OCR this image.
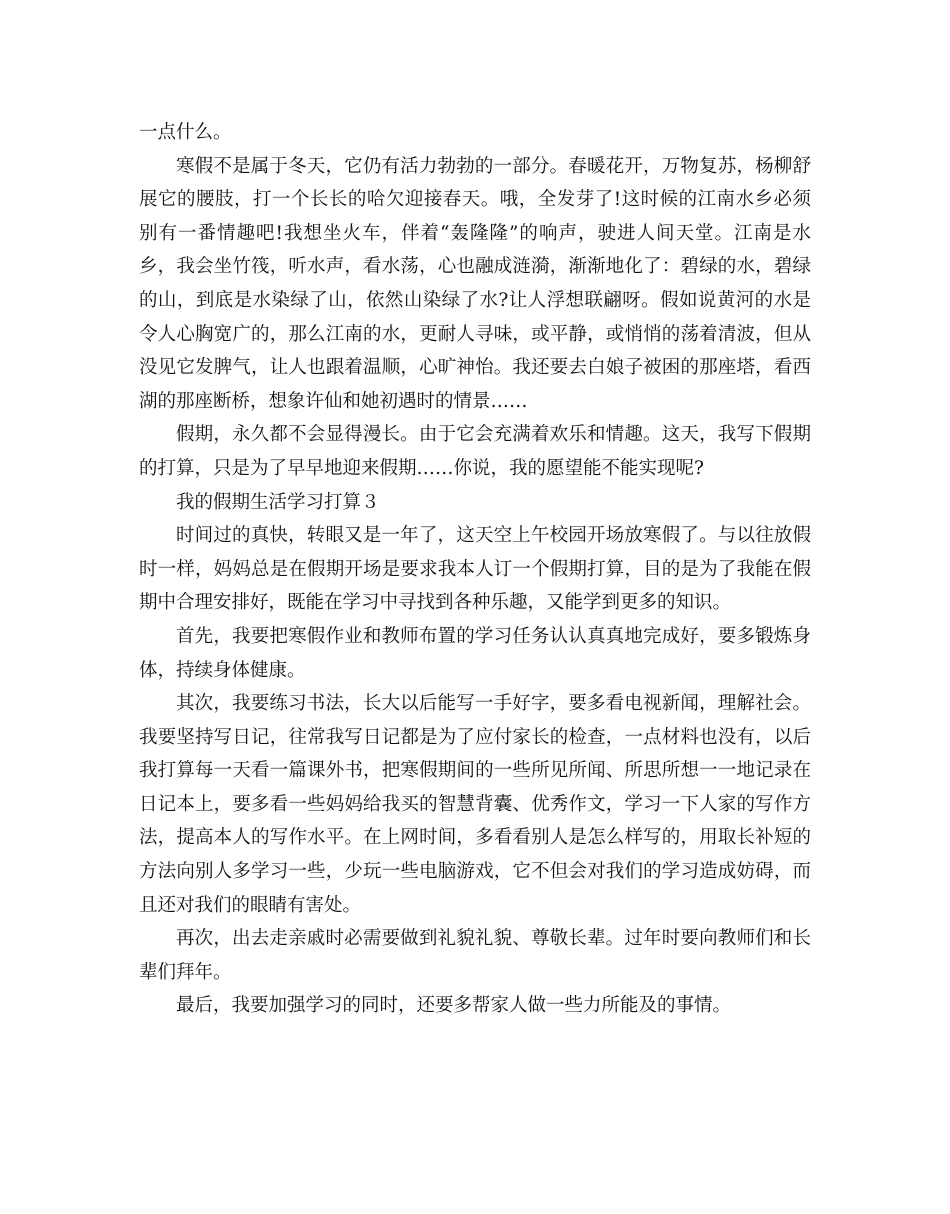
一点什么。

寒假不是属于冬天，它仍有活力勃勃的一部分。春暖花开，万物复苏，杨柳舒展它的腰肢，打一个长长的哈欠迎接春天。哦，全发芽了!这时候的江南水乡必须别有一番情趣吧!我想坐火车，伴着“轰隆隆”的响声，驶进人间天堂。江南是水乡，我会坐竹筏，听水声，看水荡，心也融成涟漪，渐渐地化了：碧绿的水，碧绿的山，到底是水染绿了山，依然山染绿了水?让人浮想联翩呀。假如说黄河的水是令人心胸宽广的，那么江南的水，更耐人寻味，或平静，或悄悄的荡着清波，但从没见它发脾气，让人也跟着温顺，心旷神怡。我还要去白娘子被困的那座塔，看西湖的那座断桥，想象许仙和她初遇时的情景……

假期，永久都不会显得漫长。由于它会充满着欢乐和情趣。这天，我写下假期的打算，只是为了早早地迎来假期……你说，我的愿望能不能实现呢?

我的假期生活学习打算３

时间过的真快，转眼又是一年了，这天空上午校园开场放寒假了。与以往放假时一样，妈妈总是在假期开场是要求我本人订一个假期打算，目的是为了我能在假期中合理安排好，既能在学习中寻找到各种乐趣，又能学到更多的知识。

首先，我要把寒假作业和教师布置的学习任务认认真真地完成好，要多锻炼身体，持续身体健康。

其次，我要练习书法，长大以后能写一手好字，要多看电视新闻，理解社会。我要坚持写日记，往常我写日记都是为了应付家长的检查，一点材料也没有，以后我打算每一天看一篇课外书，把寒假期间的一些所见所闻、所思所想一一地记录在日记本上，要多看一些妈妈给我买的智慧背囊、优秀作文，学习一下人家的写作方法，提高本人的写作水平。在上网时间，多看看别人是怎么样写的，用取长补短的方法向别人多学习一些，少玩一些电脑游戏，它不但会对我们的学习造成妨碍，而且还对我们的眼睛有害处。

再次，出去走亲戚时必需要做到礼貌礼貌、尊敬长辈。过年时要向教师们和长辈们拜年。

最后，我要加强学习的同时，还要多帮家人做一些力所能及的事情。
